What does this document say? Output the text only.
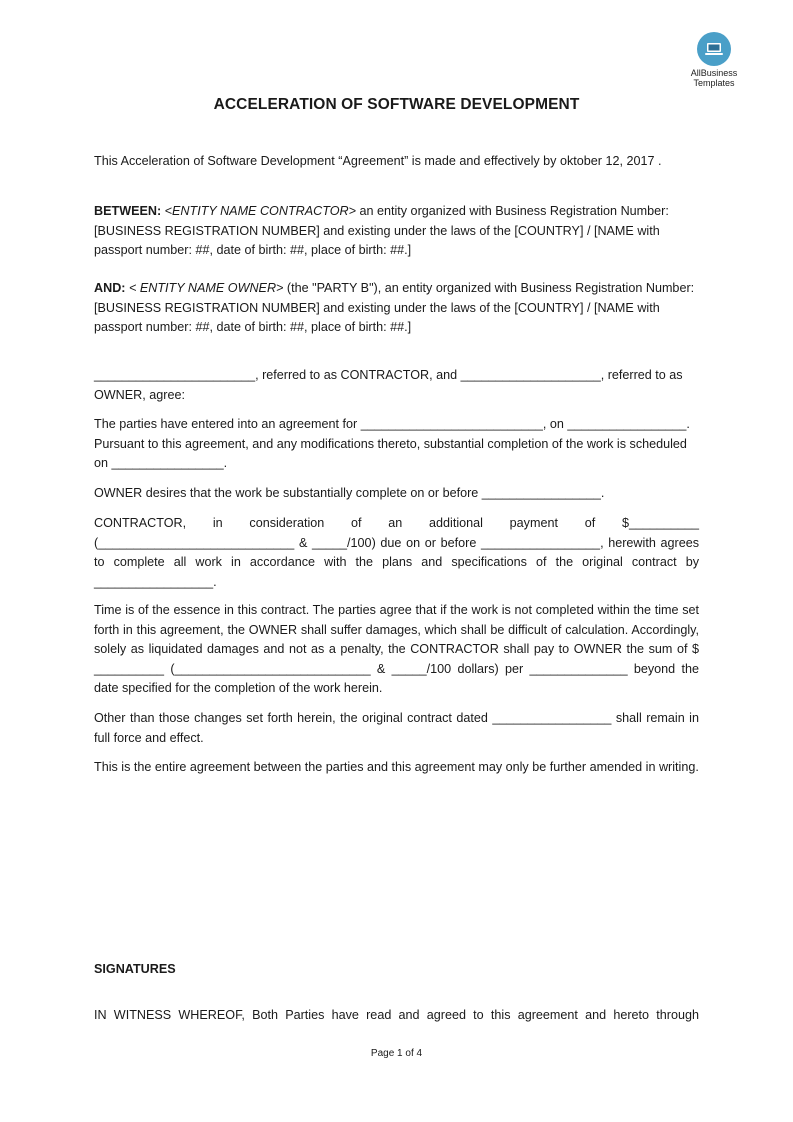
AllBusiness
Templates
ACCELERATION OF SOFTWARE DEVELOPMENT
This Acceleration of Software Development “Agreement” is made and effectively by oktober 12, 2017 .
BETWEEN: <ENTITY NAME CONTRACTOR> an entity organized with Business Registration Number: [BUSINESS REGISTRATION NUMBER] and existing under the laws of the [COUNTRY] / [NAME with passport number: ##, date of birth: ##, place of birth: ##.]
AND: < ENTITY NAME OWNER> (the "PARTY B"), an entity organized with Business Registration Number: [BUSINESS REGISTRATION NUMBER] and existing under the laws of the [COUNTRY] / [NAME with passport number: ##, date of birth: ##, place of birth: ##.]
_______________________, referred to as CONTRACTOR, and ____________________, referred to as OWNER, agree:
The parties have entered into an agreement for __________________________, on _________________. Pursuant to this agreement, and any modifications thereto, substantial completion of the work is scheduled on ________________.
OWNER desires that the work be substantially complete on or before _________________.
CONTRACTOR, in consideration of an additional payment of $__________ (____________________________ & _____/100) due on or before _________________, herewith agrees to complete all work in accordance with the plans and specifications of the original contract by _________________.
Time is of the essence in this contract. The parties agree that if the work is not completed within the time set forth in this agreement, the OWNER shall suffer damages, which shall be difficult of calculation. Accordingly, solely as liquidated damages and not as a penalty, the CONTRACTOR shall pay to OWNER the sum of $ __________ (____________________________ & _____/100 dollars) per ______________ beyond the date specified for the completion of the work herein.
Other than those changes set forth herein, the original contract dated _________________ shall remain in full force and effect.
This is the entire agreement between the parties and this agreement may only be further amended in writing.
SIGNATURES
IN WITNESS WHEREOF, Both Parties have read and agreed to this agreement and hereto through
Page 1 of 4
